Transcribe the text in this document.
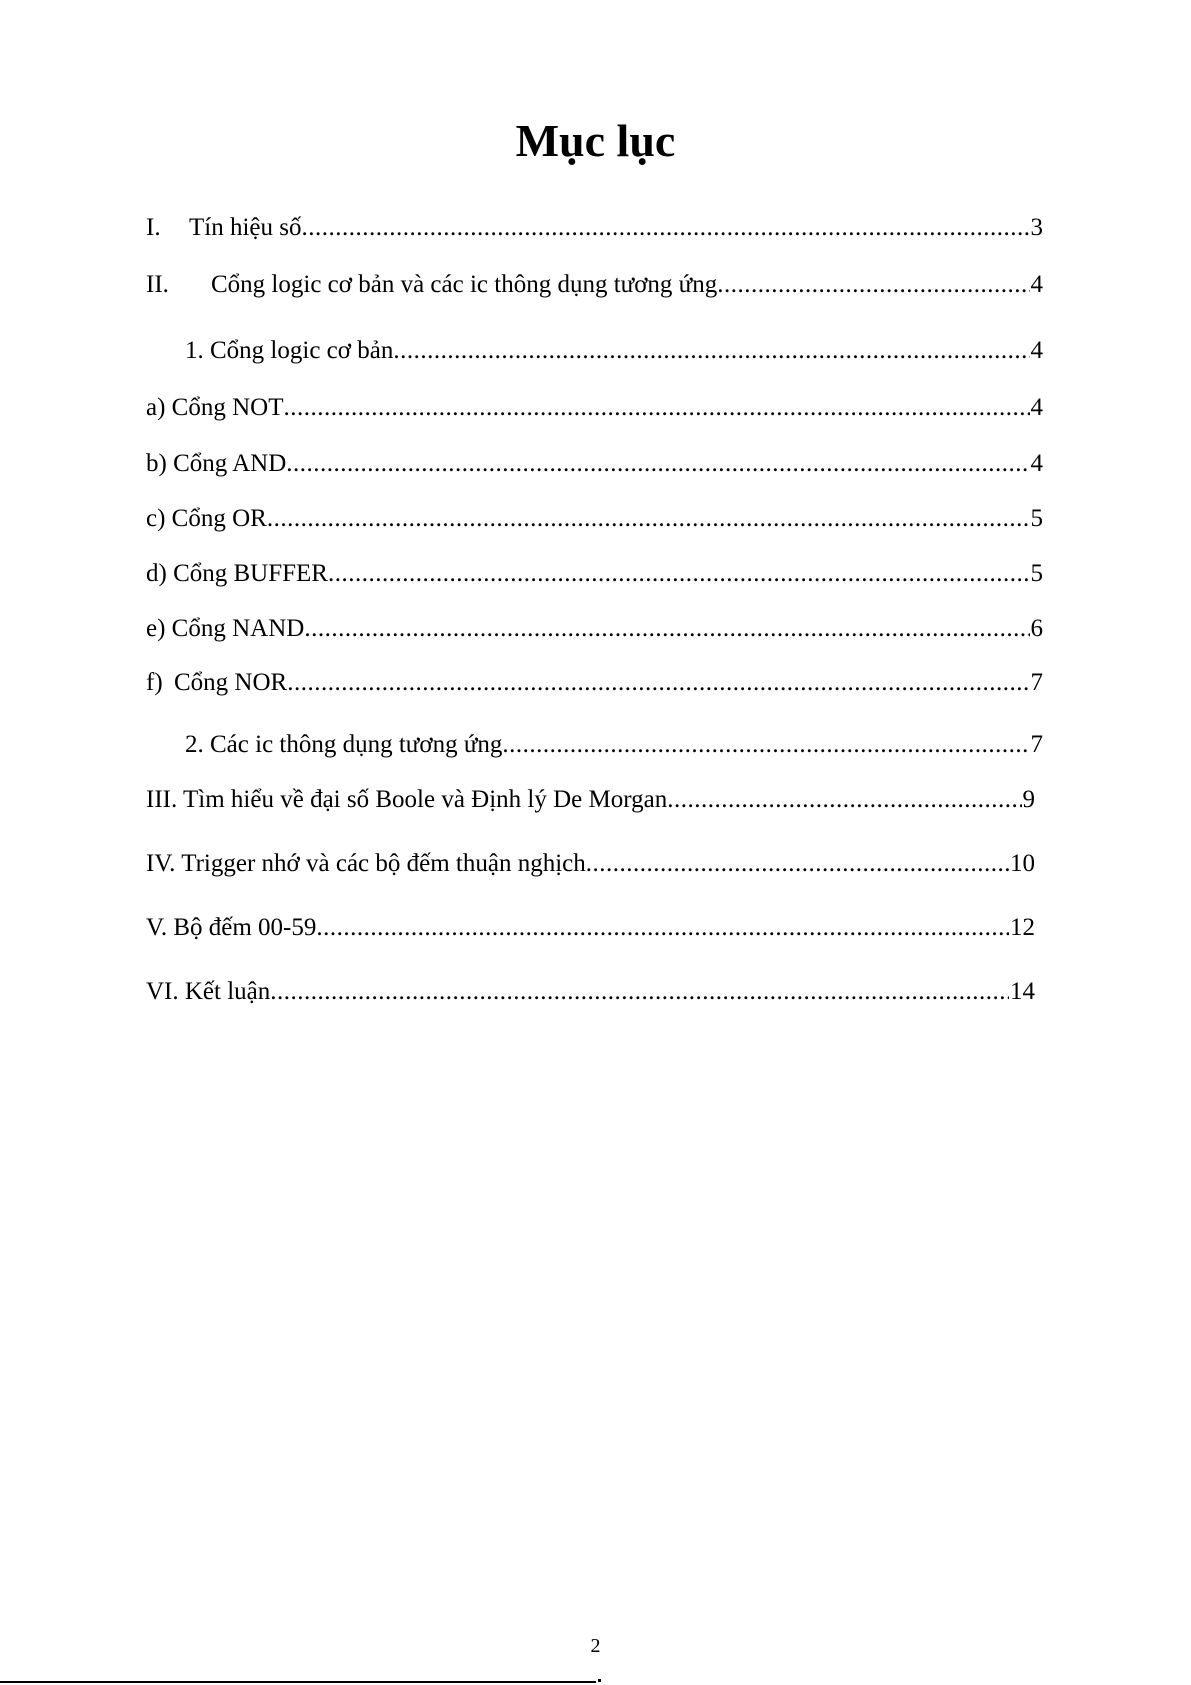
Mục lục
I.	Tín hiệu số .....	3
II.	Cổng logic cơ bản và các ic thông dụng tương ứng .....	4
1. Cổng logic cơ bản .....	4
a) Cổng NOT .....	4
b) Cổng AND .....	4
c) Cổng OR .....	5
d) Cổng BUFFER .....	5
e) Cổng NAND .....	6
f) Cổng NOR .....	7
2. Các ic thông dụng tương ứng .....	7
III. Tìm hiểu về đại số Boole và Định lý De Morgan .....	9
IV. Trigger nhớ và các bộ đếm thuận nghịch .....	10
V. Bộ đếm 00-59 .....	12
VI. Kết luận .....	14
2
